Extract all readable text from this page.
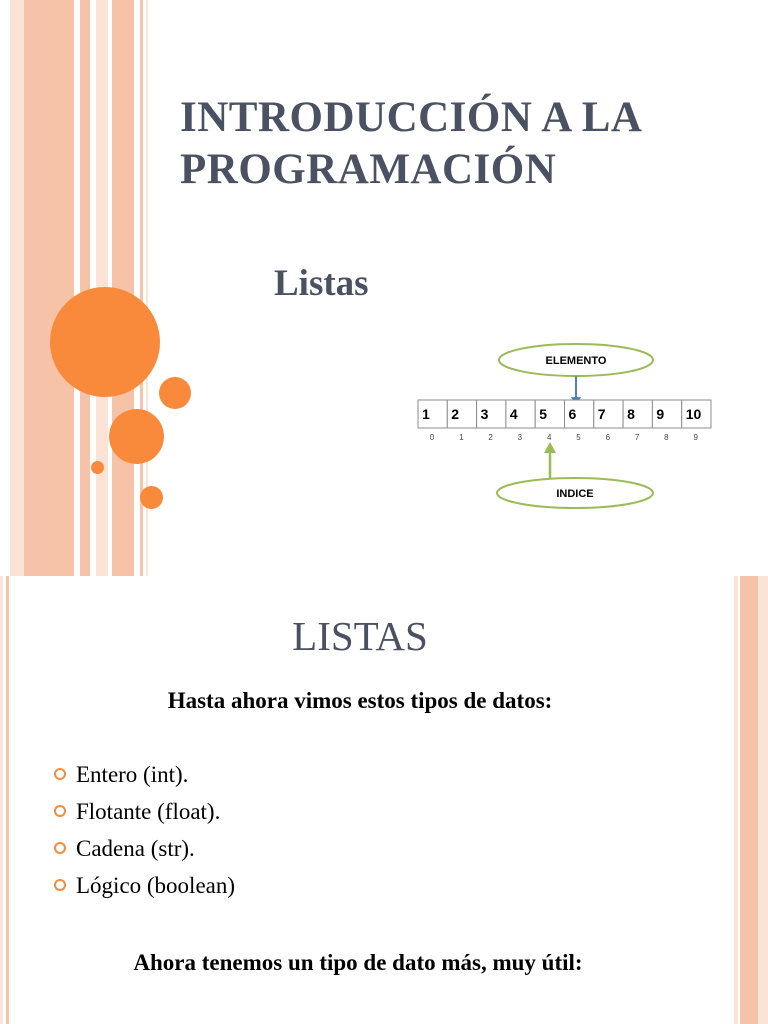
INTRODUCCIÓN A LA
PROGRAMACIÓN
Listas
ELEMENTO
1 2 3 4 5 6 7 8 9 10
0	1	2	3	4	5	6	7	8	9
INDICE
LISTAS

Hasta ahora vimos estos tipos de datos:

Entero (int).
Flotante (float).
Cadena (str).
Lógico (boolean)

Ahora tenemos un tipo de dato más, muy útil:
